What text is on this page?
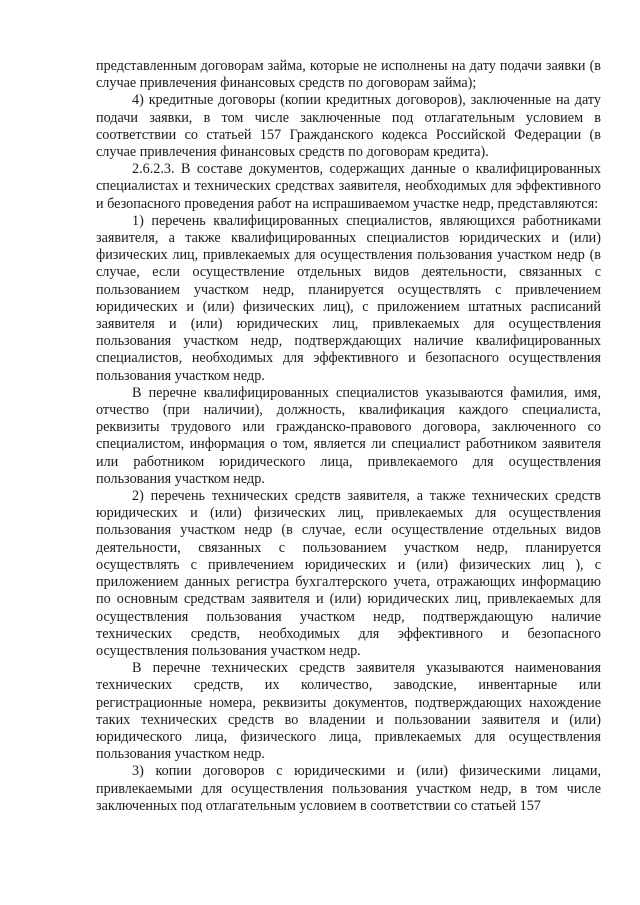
представленным договорам займа, которые не исполнены на дату подачи заявки (в случае привлечения финансовых средств по договорам займа);

4) кредитные договоры (копии кредитных договоров), заключенные на дату подачи заявки, в том числе заключенные под отлагательным условием в соответствии со статьей 157 Гражданского кодекса Российской Федерации (в случае привлечения финансовых средств по договорам кредита).

2.6.2.3. В составе документов, содержащих данные о квалифицированных специалистах и технических средствах заявителя, необходимых для эффективного и безопасного проведения работ на испрашиваемом участке недр, представляются:

1) перечень квалифицированных специалистов, являющихся работниками заявителя, а также квалифицированных специалистов юридических и (или) физических лиц, привлекаемых для осуществления пользования участком недр (в случае, если осуществление отдельных видов деятельности, связанных с пользованием участком недр, планируется осуществлять с привлечением юридических и (или) физических лиц), с приложением штатных расписаний заявителя и (или) юридических лиц, привлекаемых для осуществления пользования участком недр, подтверждающих наличие квалифицированных специалистов, необходимых для эффективного и безопасного осуществления пользования участком недр.

В перечне квалифицированных специалистов указываются фамилия, имя, отчество (при наличии), должность, квалификация каждого специалиста, реквизиты трудового или гражданско-правового договора, заключенного со специалистом, информация о том, является ли специалист работником заявителя или работником юридического лица, привлекаемого для осуществления пользования участком недр.

2) перечень технических средств заявителя, а также технических средств юридических и (или) физических лиц, привлекаемых для осуществления пользования участком недр (в случае, если осуществление отдельных видов деятельности, связанных с пользованием участком недр, планируется осуществлять с привлечением юридических и (или) физических лиц ), с приложением данных регистра бухгалтерского учета, отражающих информацию по основным средствам заявителя и (или) юридических лиц, привлекаемых для осуществления пользования участком недр, подтверждающую наличие технических средств, необходимых для эффективного и безопасного осуществления пользования участком недр.

В перечне технических средств заявителя указываются наименования технических средств, их количество, заводские, инвентарные или регистрационные номера, реквизиты документов, подтверждающих нахождение таких технических средств во владении и пользовании заявителя и (или) юридического лица, физического лица, привлекаемых для осуществления пользования участком недр.

3) копии договоров с юридическими и (или) физическими лицами, привлекаемыми для осуществления пользования участком недр, в том числе заключенных под отлагательным условием в соответствии со статьей 157
